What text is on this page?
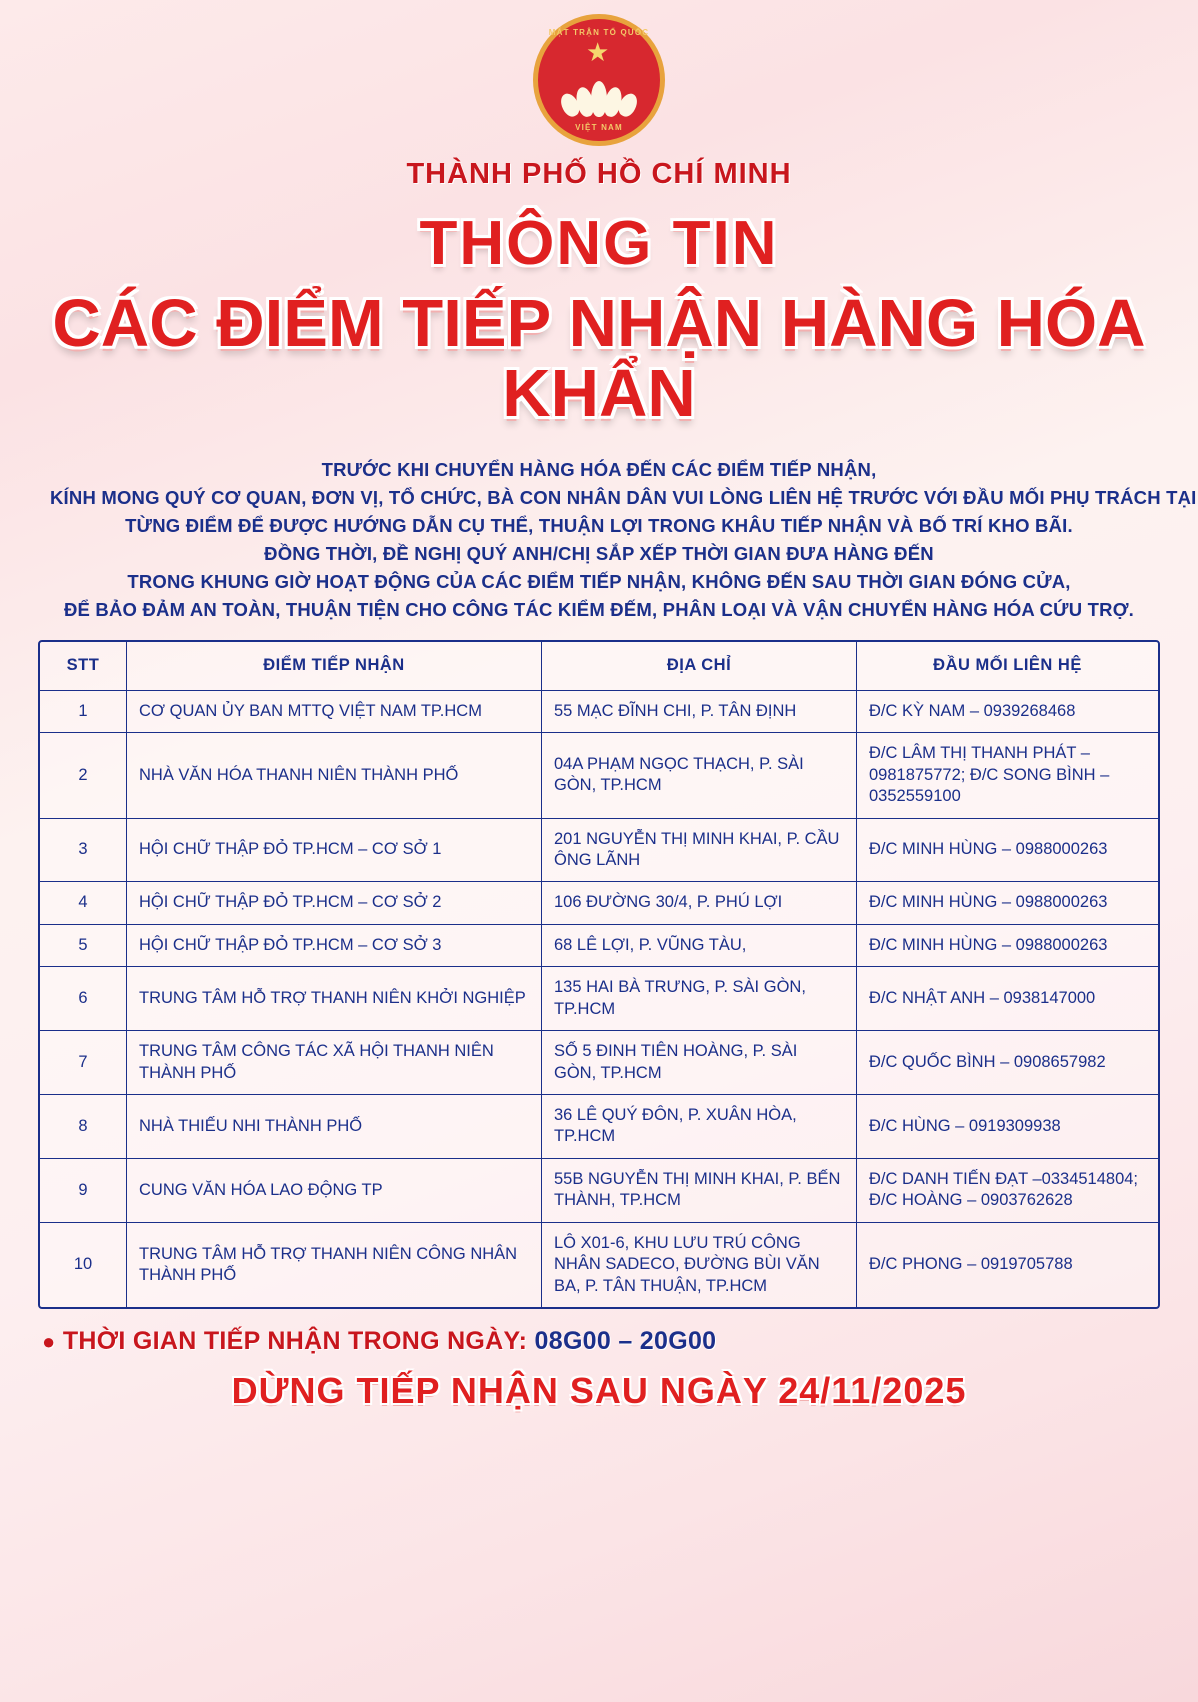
MẶT TRẬN TỔ QUỐC
VIỆT NAM
THÀNH PHỐ HỒ CHÍ MINH
THÔNG TIN
CÁC ĐIỂM TIẾP NHẬN HÀNG HÓA KHẨN
TRƯỚC KHI CHUYỂN HÀNG HÓA ĐẾN CÁC ĐIỂM TIẾP NHẬN,
KÍNH MONG QUÝ CƠ QUAN, ĐƠN VỊ, TỔ CHỨC, BÀ CON NHÂN DÂN VUI LÒNG LIÊN HỆ TRƯỚC VỚI ĐẦU MỐI PHỤ TRÁCH TẠI
TỪNG ĐIỂM ĐỂ ĐƯỢC HƯỚNG DẪN CỤ THỂ, THUẬN LỢI TRONG KHÂU TIẾP NHẬN VÀ BỐ TRÍ KHO BÃI.
ĐỒNG THỜI, ĐỀ NGHỊ QUÝ ANH/CHỊ SẮP XẾP THỜI GIAN ĐƯA HÀNG ĐẾN
TRONG KHUNG GIỜ HOẠT ĐỘNG CỦA CÁC ĐIỂM TIẾP NHẬN, KHÔNG ĐẾN SAU THỜI GIAN ĐÓNG CỬA,
ĐỂ BẢO ĐẢM AN TOÀN, THUẬN TIỆN CHO CÔNG TÁC KIỂM ĐẾM, PHÂN LOẠI VÀ VẬN CHUYỂN HÀNG HÓA CỨU TRỢ.
STT	ĐIỂM TIẾP NHẬN	ĐỊA CHỈ	ĐẦU MỐI LIÊN HỆ
1	CƠ QUAN ỦY BAN MTTQ VIỆT NAM TP.HCM	55 MẠC ĐĨNH CHI, P. TÂN ĐỊNH	Đ/C KỲ NAM – 0939268468
2	NHÀ VĂN HÓA THANH NIÊN THÀNH PHỐ	04A PHẠM NGỌC THẠCH, P. SÀI GÒN, TP.HCM	Đ/C LÂM THỊ THANH PHÁT – 0981875772; Đ/C SONG BÌNH – 0352559100
3	HỘI CHỮ THẬP ĐỎ TP.HCM – CƠ SỞ 1	201 NGUYỄN THỊ MINH KHAI, P. CẦU ÔNG LÃNH	Đ/C MINH HÙNG – 0988000263
4	HỘI CHỮ THẬP ĐỎ TP.HCM – CƠ SỞ 2	106 ĐƯỜNG 30/4, P. PHÚ LỢI	Đ/C MINH HÙNG – 0988000263
5	HỘI CHỮ THẬP ĐỎ TP.HCM – CƠ SỞ 3	68 LÊ LỢI, P. VŨNG TÀU,	Đ/C MINH HÙNG – 0988000263
6	TRUNG TÂM HỖ TRỢ THANH NIÊN KHỞI NGHIỆP	135 HAI BÀ TRƯNG, P. SÀI GÒN, TP.HCM	Đ/C NHẬT ANH – 0938147000
7	TRUNG TÂM CÔNG TÁC XÃ HỘI THANH NIÊN THÀNH PHỐ	SỐ 5 ĐINH TIÊN HOÀNG, P. SÀI GÒN, TP.HCM	Đ/C QUỐC BÌNH – 0908657982
8	NHÀ THIẾU NHI THÀNH PHỐ	36 LÊ QUÝ ĐÔN, P. XUÂN HÒA, TP.HCM	Đ/C HÙNG – 0919309938
9	CUNG VĂN HÓA LAO ĐỘNG TP	55B NGUYỄN THỊ MINH KHAI, P. BẾN THÀNH, TP.HCM	Đ/C DANH TIẾN ĐẠT –0334514804; Đ/C HOÀNG – 0903762628
10	TRUNG TÂM HỖ TRỢ THANH NIÊN CÔNG NHÂN THÀNH PHỐ	LÔ X01-6, KHU LƯU TRÚ CÔNG NHÂN SADECO, ĐƯỜNG BÙI VĂN BA, P. TÂN THUẬN, TP.HCM	Đ/C PHONG – 0919705788
● THỜI GIAN TIẾP NHẬN TRONG NGÀY: 08G00 – 20G00
DỪNG TIẾP NHẬN SAU NGÀY 24/11/2025
